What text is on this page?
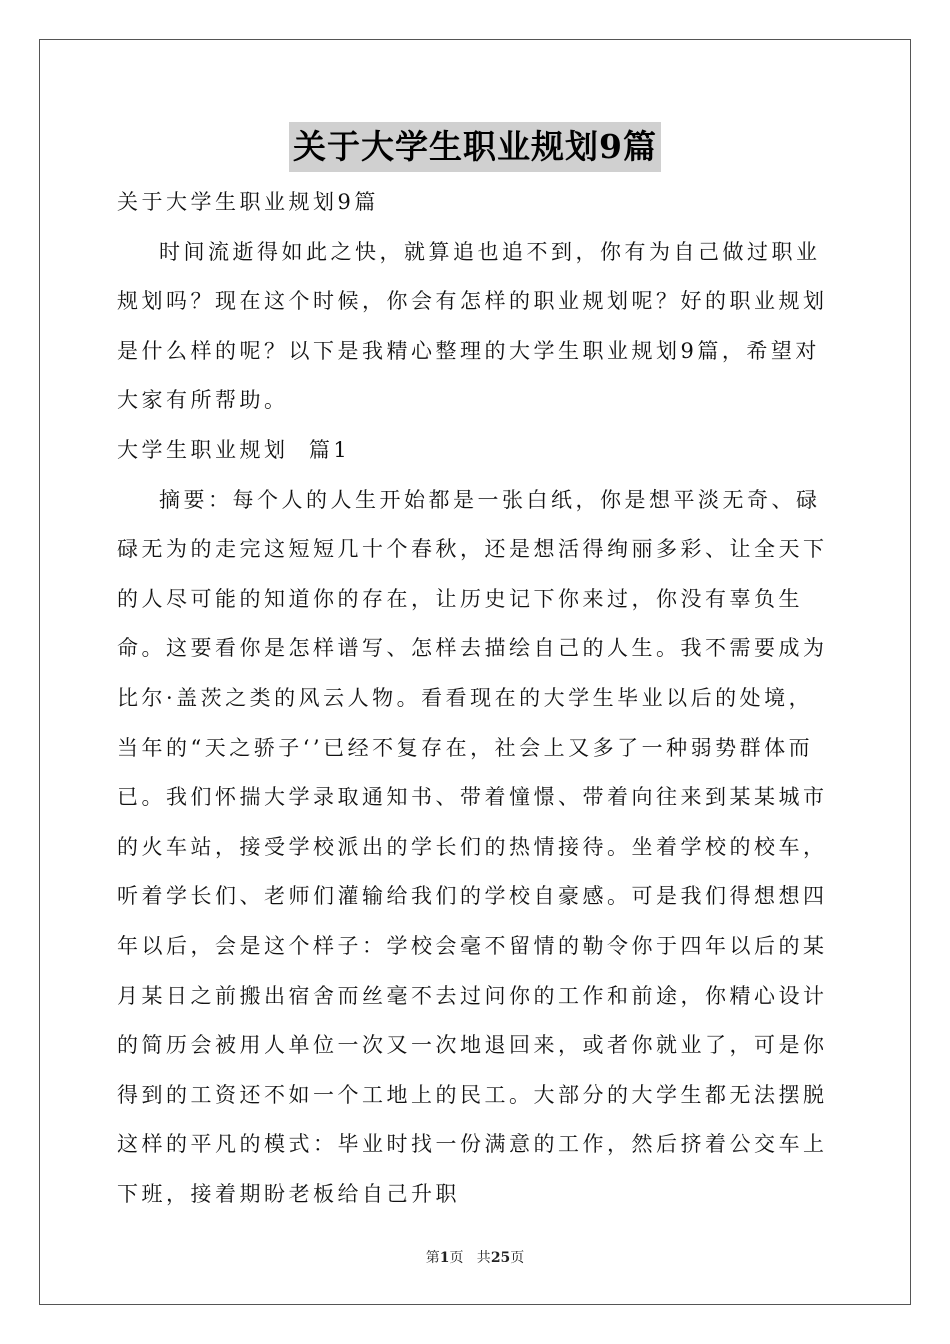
关于大学生职业规划9篇

关于大学生职业规划9篇

时间流逝得如此之快，就算追也追不到，你有为自己做过职业规划吗？现在这个时候，你会有怎样的职业规划呢？好的职业规划是什么样的呢？以下是我精心整理的大学生职业规划9篇，希望对大家有所帮助。

大学生职业规划  篇1

摘要：每个人的人生开始都是一张白纸，你是想平淡无奇、碌碌无为的走完这短短几十个春秋，还是想活得绚丽多彩、让全天下的人尽可能的知道你的存在，让历史记下你来过，你没有辜负生命。这要看你是怎样谱写、怎样去描绘自己的人生。我不需要成为比尔·盖茨之类的风云人物。看看现在的大学生毕业以后的处境，当年的“天之骄子‘’已经不复存在，社会上又多了一种弱势群体而已。我们怀揣大学录取通知书、带着憧憬、带着向往来到某某城市的火车站，接受学校派出的学长们的热情接待。坐着学校的校车，听着学长们、老师们灌输给我们的学校自豪感。可是我们得想想四年以后，会是这个样子：学校会毫不留情的勒令你于四年以后的某月某日之前搬出宿舍而丝毫不去过问你的工作和前途，你精心设计的简历会被用人单位一次又一次地退回来，或者你就业了，可是你得到的工资还不如一个工地上的民工。大部分的大学生都无法摆脱这样的平凡的模式：毕业时找一份满意的工作，然后挤着公交车上下班，接着期盼老板给自己升职

第1页   共25页
